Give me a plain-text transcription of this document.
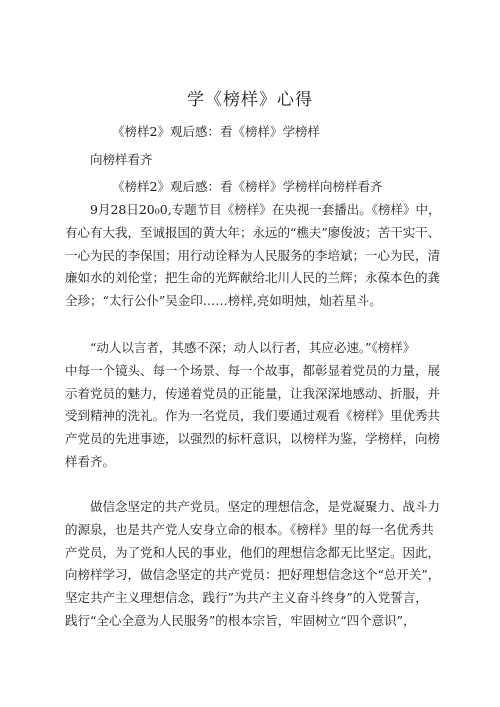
学《榜样》心得
《榜样2》观后感：看《榜样》学榜样
向榜样看齐
《榜样2》观后感：看《榜样》学榜样向榜样看齐
　　9月28日20₀0,专题节目《榜样》在央视一套播出。《榜样》中，
有心有大我，至诚报国的黄大年；永远的“樵夫”廖俊波；苦干实干、
一心为民的李保国；用行动诠释为人民服务的李培斌；一心为民，清
廉如水的刘伦堂；把生命的光辉献给北川人民的兰辉；永葆本色的龚
全珍；“太行公仆”吴金印……榜样,亮如明烛，灿若星斗。
　　“动人以言者，其感不深；动人以行者，其应必速。”《榜样》
中每一个镜头、每一个场景、每一个故事，都彰显着党员的力量，展
示着党员的魅力，传递着党员的正能量，让我深深地感动、折服，并
受到精神的洗礼。作为一名党员，我们要通过观看《榜样》里优秀共
产党员的先进事迹，以强烈的标杆意识，以榜样为鉴，学榜样，向榜
样看齐。
　　做信念坚定的共产党员。坚定的理想信念，是党凝聚力、战斗力
的源泉，也是共产党人安身立命的根本。《榜样》里的每一名优秀共
产党员，为了党和人民的事业，他们的理想信念都无比坚定。因此，
向榜样学习，做信念坚定的共产党员：把好理想信念这个“总开关”，
坚定共产主义理想信念，践行”为共产主义奋斗终身”的入党誓言，
践行“全心全意为人民服务”的根本宗旨，牢固树立“四个意识”，
